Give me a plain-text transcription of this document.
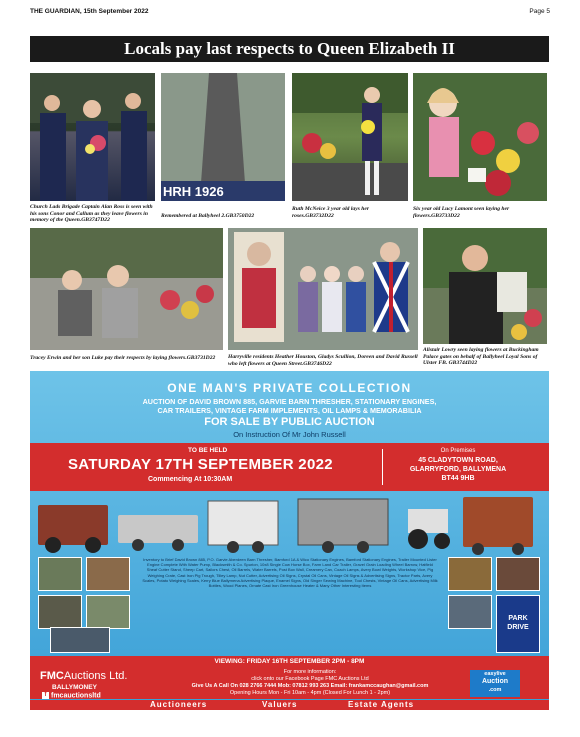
THE GUARDIAN, 15th September 2022	Page 5
Locals pay last respects to Queen Elizabeth II
HRH 1926
Church Lads Brigade Captain Alan Ross is seen with his sons Conor and Callum as they leave flowers in memory of the Queen.GB3747D22
Remembered at Ballyheel 2.GB3750D22
Ruth McNeice 3 year old lays her roses.GB3732D22
Six year old Lucy Lamont seen laying her flowers.GB3733D22
Tracey Erwin and her son Luke pay their respects by laying flowers.GB3731D22	Harryville residents Heather Houston, Gladys Scullion, Doreen and David Russell who left flowers at Queen Street.GB3746D22
Alistair Lowry seen laying flowers at Buckingham Palace gates on behalf of Ballyheel Loyal Sons of Ulster FB. GB3744D22
ONE MAN'S PRIVATE COLLECTION
AUCTION OF DAVID BROWN 885, GARVIE BARN THRESHER, STATIONARY ENGINES,
CAR TRAILERS, VINTAGE FARM IMPLEMENTS, OIL LAMPS & MEMORABILIA
FOR SALE BY PUBLIC AUCTION
On Instruction Of Mr John Russell
TO BE HELD
SATURDAY 17TH SEPTEMBER 2022
Commencing At 10:30AM
On Premises
45 CLADYTOWN ROAD,
GLARRYFORD, BALLYMENA
BT44 9HB
Inventory to Brief David Brown 885, P.O. Garvie Aberdeen Barn Thresher, Bamford 1A & Wico Stationary Engines, Bamford Stationary Engines, Trailer Mounted Lister Engine Complete With Water Pump, Blacksmith & Co. Spurion, 10x8 Single Cow Horse Box, Farm Land Car Trailer, Gravel Grain Loading Wheel Barrow, Hatfield Sheaf Cutter Stand, Sheep Cart, Sailors Chest, Oil Barrels, Water Barrels, Post Box Wall, Creamery Can, Coach Lamps, Avery Bowl Weights, Workshop Vice, Pig Weighing Crate, Cast Iron Pig Trough, Tilley Lamp, Nut Cutter, Advertising Oil Signs, Crystal Oil Cans, Vintage Oil Signs & Advertising Signs, Tractor Parts, Avery Scales, Potato Weighing Scales, Kerry Blue Ballymena Advertising Plaque, Enamel Signs, Old Singer Sewing Machine, Tool Chests, Vintage Oil Cans, Advertising Milk Bottles, Wood Planes, Ornate Cast Iron Greenhouse Heater & Many Other Interesting Items
PARK DRIVE
VIEWING: FRIDAY 16TH SEPTEMBER 2PM - 8PM
FMCAuctions Ltd.
BALLYMONEY
f fmcauctionsltd
For more information:
click onto our Facebook Page FMC Auctions Ltd
Give Us A Call On 028 2766 7444 Mob: 07812 993 263 Email: frankamccaughan@gmail.com
Opening Hours Mon - Fri 10am - 4pm (Closed For Lunch 1 - 2pm)
easylive
Auction
.com
Auctioneers	Valuers	Estate Agents
